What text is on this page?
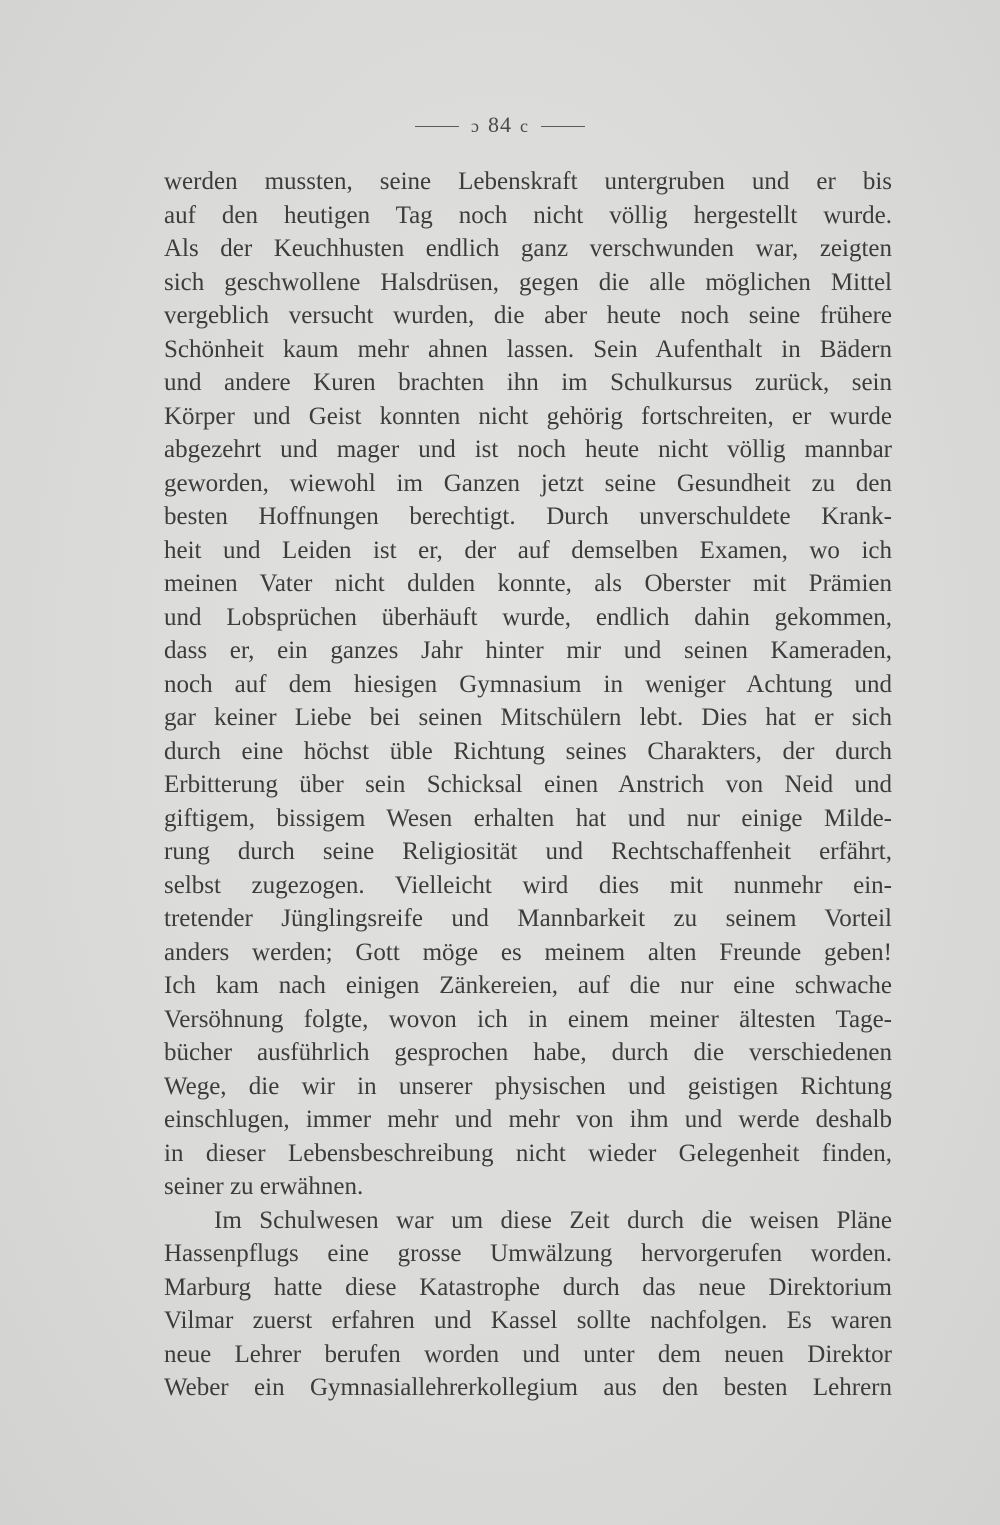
ɔ 84 c
werden mussten, seine Lebenskraft untergruben und er bis
auf den heutigen Tag noch nicht völlig hergestellt wurde.
Als der Keuchhusten endlich ganz verschwunden war, zeigten
sich geschwollene Halsdrüsen, gegen die alle möglichen Mittel
vergeblich versucht wurden, die aber heute noch seine frühere
Schönheit kaum mehr ahnen lassen. Sein Aufenthalt in Bädern
und andere Kuren brachten ihn im Schulkursus zurück, sein
Körper und Geist konnten nicht gehörig fortschreiten, er wurde
abgezehrt und mager und ist noch heute nicht völlig mannbar
geworden, wiewohl im Ganzen jetzt seine Gesundheit zu den
besten Hoffnungen berechtigt. Durch unverschuldete Krank-
heit und Leiden ist er, der auf demselben Examen, wo ich
meinen Vater nicht dulden konnte, als Oberster mit Prämien
und Lobsprüchen überhäuft wurde, endlich dahin gekommen,
dass er, ein ganzes Jahr hinter mir und seinen Kameraden,
noch auf dem hiesigen Gymnasium in weniger Achtung und
gar keiner Liebe bei seinen Mitschülern lebt. Dies hat er sich
durch eine höchst üble Richtung seines Charakters, der durch
Erbitterung über sein Schicksal einen Anstrich von Neid und
giftigem, bissigem Wesen erhalten hat und nur einige Milde-
rung durch seine Religiosität und Rechtschaffenheit erfährt,
selbst zugezogen. Vielleicht wird dies mit nunmehr ein-
tretender Jünglingsreife und Mannbarkeit zu seinem Vorteil
anders werden; Gott möge es meinem alten Freunde geben!
Ich kam nach einigen Zänkereien, auf die nur eine schwache
Versöhnung folgte, wovon ich in einem meiner ältesten Tage-
bücher ausführlich gesprochen habe, durch die verschiedenen
Wege, die wir in unserer physischen und geistigen Richtung
einschlugen, immer mehr und mehr von ihm und werde deshalb
in dieser Lebensbeschreibung nicht wieder Gelegenheit finden,
seiner zu erwähnen.
Im Schulwesen war um diese Zeit durch die weisen Pläne
Hassenpflugs eine grosse Umwälzung hervorgerufen worden.
Marburg hatte diese Katastrophe durch das neue Direktorium
Vilmar zuerst erfahren und Kassel sollte nachfolgen. Es waren
neue Lehrer berufen worden und unter dem neuen Direktor
Weber ein Gymnasiallehrerkollegium aus den besten Lehrern
